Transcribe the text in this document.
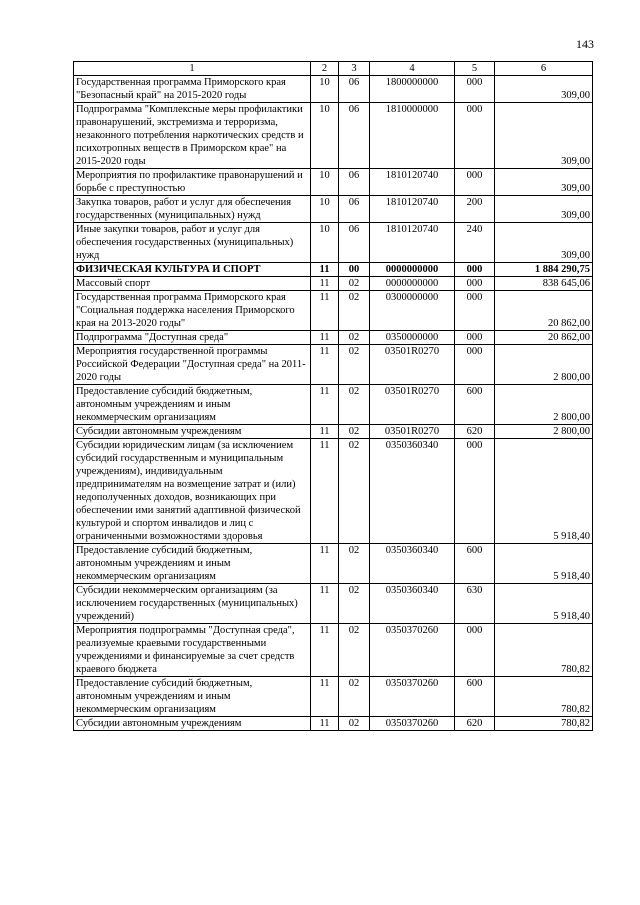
143
1	2	3	4	5	6
Государственная программа Приморского края "Безопасный край" на 2015-2020 годы	10	06	1800000000	000	309,00
Подпрограмма "Комплексные меры профилактики правонарушений, экстремизма и терроризма, незаконного потребления наркотических средств и психотропных веществ в Приморском крае" на 2015-2020 годы	10	06	1810000000	000	309,00
Мероприятия по профилактике правонарушений и борьбе с преступностью	10	06	1810120740	000	309,00
Закупка товаров, работ и услуг для обеспечения государственных (муниципальных) нужд	10	06	1810120740	200	309,00
Иные закупки товаров, работ и услуг для обеспечения государственных (муниципальных) нужд	10	06	1810120740	240	309,00
ФИЗИЧЕСКАЯ КУЛЬТУРА И СПОРТ	11	00	0000000000	000	1 884 290,75
Массовый спорт	11	02	0000000000	000	838 645,06
Государственная программа Приморского края "Социальная поддержка населения Приморского края на 2013-2020 годы"	11	02	0300000000	000	20 862,00
Подпрограмма "Доступная среда"	11	02	0350000000	000	20 862,00
Мероприятия государственной программы Российской Федерации "Доступная среда" на 2011-2020 годы	11	02	03501R0270	000	2 800,00
Предоставление субсидий бюджетным, автономным учреждениям и иным некоммерческим организациям	11	02	03501R0270	600	2 800,00
Субсидии автономным учреждениям	11	02	03501R0270	620	2 800,00
Субсидии юридическим лицам (за исключением субсидий государственным и муниципальным учреждениям), индивидуальным предпринимателям на возмещение затрат и (или) недополученных доходов, возникающих при обеспечении ими занятий адаптивной физической культурой и спортом инвалидов и лиц с ограниченными возможностями здоровья	11	02	0350360340	000	5 918,40
Предоставление субсидий бюджетным, автономным учреждениям и иным некоммерческим организациям	11	02	0350360340	600	5 918,40
Субсидии некоммерческим организациям (за исключением государственных (муниципальных) учреждений)	11	02	0350360340	630	5 918,40
Мероприятия подпрограммы "Доступная среда", реализуемые краевыми государственными учреждениями и финансируемые за счет средств краевого бюджета	11	02	0350370260	000	780,82
Предоставление субсидий бюджетным, автономным учреждениям и иным некоммерческим организациям	11	02	0350370260	600	780,82
Субсидии автономным учреждениям	11	02	0350370260	620	780,82
